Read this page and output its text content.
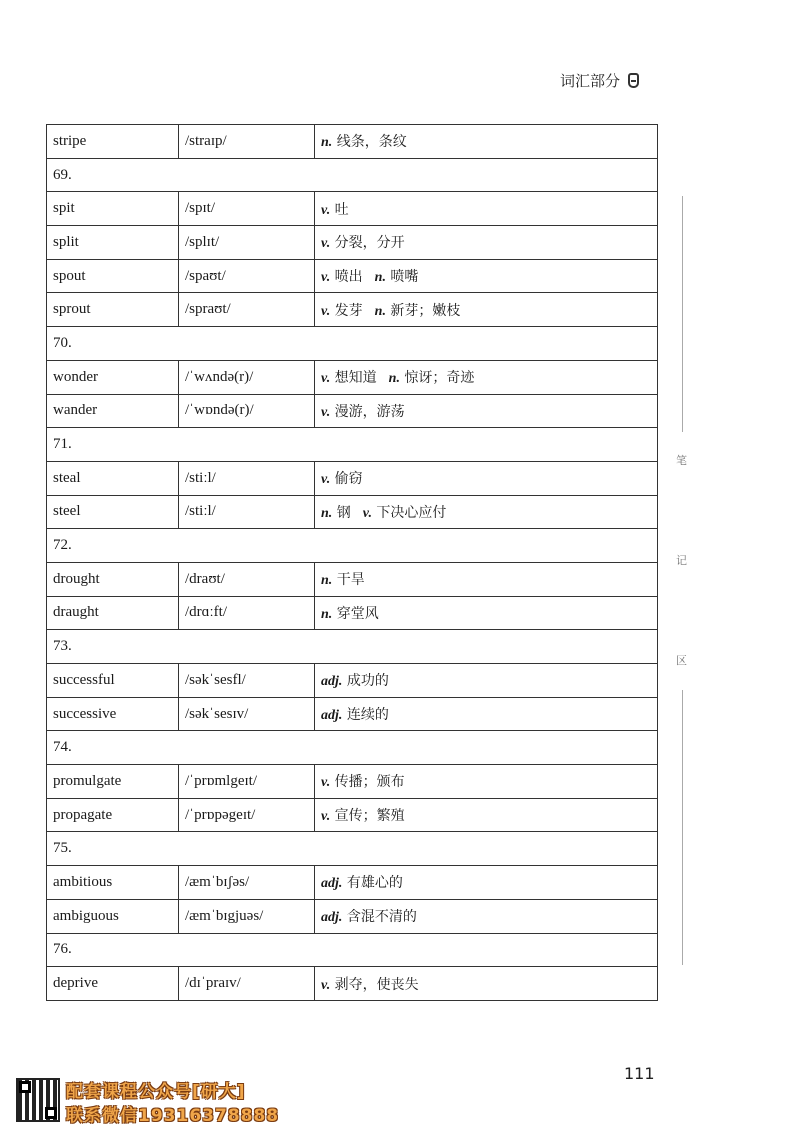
词汇部分
stripe	/straɪp/	n. 线条，条纹
69.		
spit	/spɪt/	v. 吐
split	/splɪt/	v. 分裂，分开
spout	/spaʊt/	v. 喷出 n. 喷嘴
sprout	/spraʊt/	v. 发芽 n. 新芽；嫩枝
70.		
wonder	/ˈwʌndə(r)/	v. 想知道 n. 惊讶；奇迹
wander	/ˈwɒndə(r)/	v. 漫游，游荡
71.		
steal	/stiːl/	v. 偷窃
steel	/stiːl/	n. 钢 v. 下决心应付
72.		
drought	/draʊt/	n. 干旱
draught	/drɑːft/	n. 穿堂风
73.		
successful	/səkˈsesfl/	adj. 成功的
successive	/səkˈsesɪv/	adj. 连续的
74.		
promulgate	/ˈprɒmlgeɪt/	v. 传播；颁布
propagate	/ˈprɒpəgeɪt/	v. 宣传；繁殖
75.		
ambitious	/æmˈbɪʃəs/	adj. 有雄心的
ambiguous	/æmˈbɪgjuəs/	adj. 含混不清的
76.		
deprive	/dɪˈpraɪv/	v. 剥夺，使丧失
笔
记
区
111
配套课程公众号[研大]
联系微信19316378888
